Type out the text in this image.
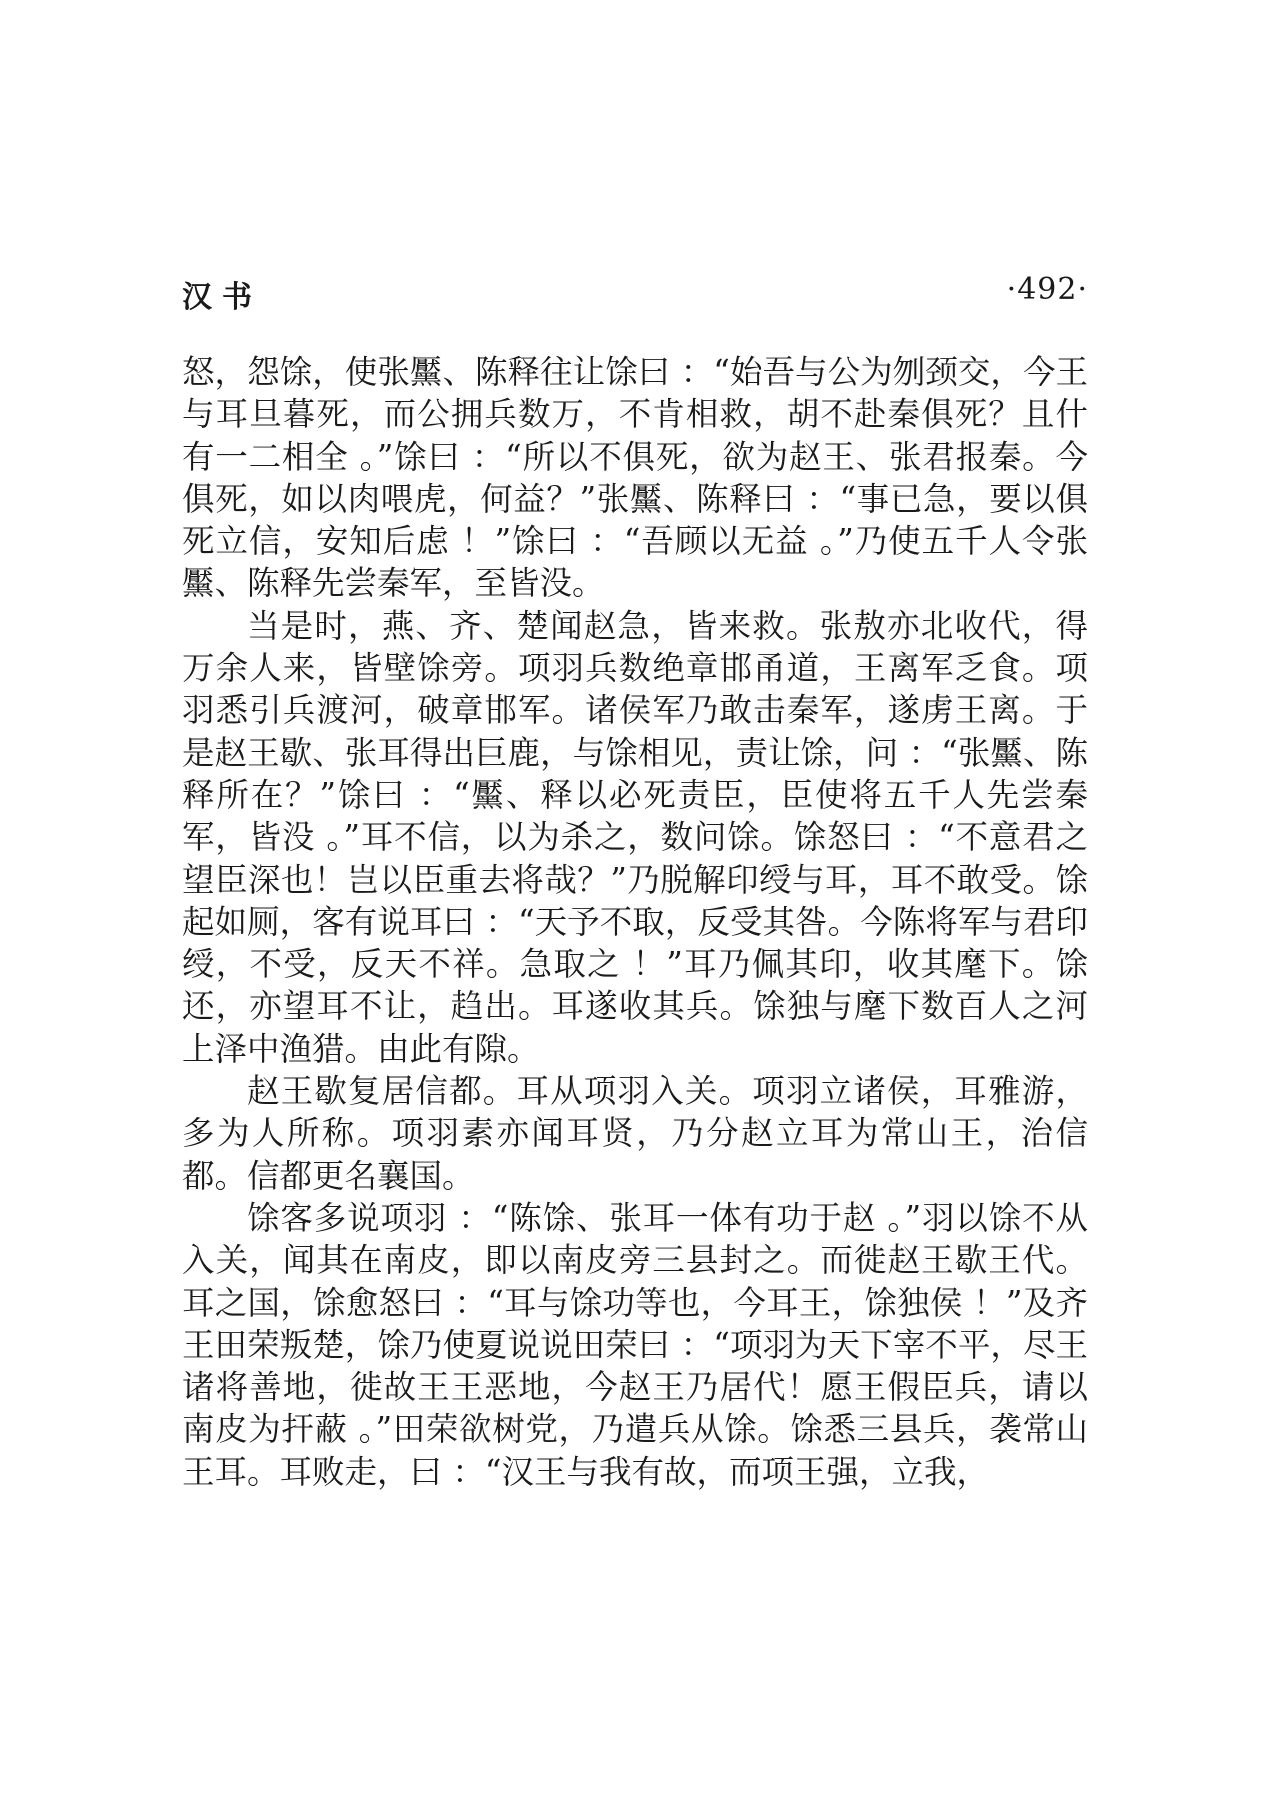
汉书	·492·

怒，怨馀，使张黶、陈释往让馀曰 ：“始吾与公为刎颈交，今王与耳旦暮死，而公拥兵数万，不肯相救，胡不赴秦俱死？且什有一二相全 。”馀曰 ：“所以不俱死，欲为赵王、张君报秦。今俱死，如以肉喂虎，何益？”张黶、陈释曰 ：“事已急，要以俱死立信，安知后虑 ！”馀曰 ：“吾顾以无益 。”乃使五千人令张黶、陈释先尝秦军，至皆没。

当是时，燕、齐、楚闻赵急，皆来救。张敖亦北收代，得万余人来，皆壁馀旁。项羽兵数绝章邯甬道，王离军乏食。项羽悉引兵渡河，破章邯军。诸侯军乃敢击秦军，遂虏王离。于是赵王歇、张耳得出巨鹿，与馀相见，责让馀，问 ：“张黶、陈释所在？”馀曰 ：“黶、释以必死责臣，臣使将五千人先尝秦军，皆没 。”耳不信，以为杀之，数问馀。馀怒曰 ：“不意君之望臣深也！岂以臣重去将哉？”乃脱解印绶与耳，耳不敢受。馀起如厕，客有说耳曰 ：“天予不取，反受其咎。今陈将军与君印绶，不受，反天不祥。急取之 ！”耳乃佩其印，收其麾下。馀还，亦望耳不让，趋出。耳遂收其兵。馀独与麾下数百人之河上泽中渔猎。由此有隙。

赵王歇复居信都。耳从项羽入关。项羽立诸侯，耳雅游，多为人所称。项羽素亦闻耳贤，乃分赵立耳为常山王，治信都。信都更名襄国。

馀客多说项羽 ：“陈馀、张耳一体有功于赵 。”羽以馀不从入关，闻其在南皮，即以南皮旁三县封之。而徙赵王歇王代。耳之国，馀愈怒曰 ：“耳与馀功等也，今耳王，馀独侯 ！”及齐王田荣叛楚，馀乃使夏说说田荣曰 ：“项羽为天下宰不平，尽王诸将善地，徙故王王恶地，今赵王乃居代！愿王假臣兵，请以南皮为扞蔽 。”田荣欲树党，乃遣兵从馀。馀悉三县兵，袭常山王耳。耳败走，曰 ：“汉王与我有故，而项王强，立我，
